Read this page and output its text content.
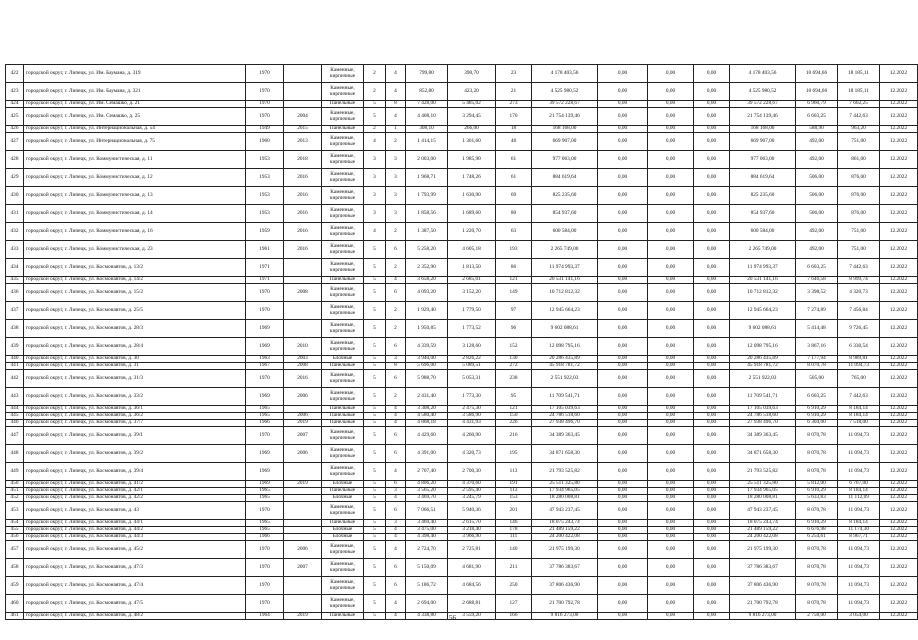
422	городской округ, г. Липецк, ул. Им. Баумана, д. 319	1970		Каменные, кирпичные	2	4	799,80	390,70	23	4 178 403,56	0,00	0,00	0,00	4 178 403,56	10 694,66	18 185,11	12.2022
423	городской округ, г. Липецк, ул. Им. Баумана, д. 321	1970		Каменные, кирпичные	2	4	852,80	423,20	21	4 525 980,52	0,00	0,00	0,00	4 525 980,52	10 694,66	18 185,11	12.2022
424	городской округ, г. Липецк, ул. Им. Семашко, д. 21	1970		Панельные	5	8	7 428,00	5 485,02	273	39 572 228,67	0,00	0,00	0,00	39 572 228,67	6 960,79	7 662,25	12.2022
425	городской округ, г. Липецк, ул. Им. Семашко, д. 25	1970	2004	Каменные, кирпичные	5	4	4 408,10	3 294,45	170	21 754 139,46	0,00	0,00	0,00	21 754 139,46	6 603,25	7 442,63	12.2022
426	городской округ, г. Липецк, ул. Интернациональная, д. 54	1949	2015	Панельные	2	1	308,10	266,00	18	168 168,00	0,00	0,00	0,00	168 168,00	588,90	963,20	12.2022
427	городской округ, г. Липецк, ул. Интернациональная, д. 75	1960	2013	Каменные, кирпичные	4	2	1 414,15	1 361,60	48	669 907,00	0,00	0,00	0,00	669 907,00	492,00	751,00	12.2022
428	городской округ, г. Липецк, ул. Коммунистическая, д. 11	1953	2018	Каменные, кирпичные	3	3	2 003,00	1 985,90	61	977 063,00	0,00	0,00	0,00	977 063,00	492,00	861,00	12.2022
429	городской округ, г. Липецк, ул. Коммунистическая, д. 12	1953	2016	Каменные, кирпичные	3	3	1 968,71	1 748,26	61	884 619,64	0,00	0,00	0,00	884 619,64	506,00	876,00	12.2022
430	городской округ, г. Липецк, ул. Коммунистическая, д. 13	1953	2016	Каменные, кирпичные	3	3	1 793,99	1 630,90	69	825 235,60	0,00	0,00	0,00	825 235,60	506,00	876,00	12.2022
431	городской округ, г. Липецк, ул. Коммунистическая, д. 14	1953	2016	Каменные, кирпичные	3	3	1 858,56	1 689,60	80	854 937,60	0,00	0,00	0,00	854 937,60	506,00	876,00	12.2022
432	городской округ, г. Липецк, ул. Коммунистическая, д. 16	1959	2016	Каменные, кирпичные	4	2	1 387,50	1 220,70	63	600 584,00	0,00	0,00	0,00	600 584,00	492,00	751,00	12.2022
433	городской округ, г. Липецк, ул. Коммунистическая, д. 23	1961	2016	Каменные, кирпичные	5	6	5 258,20	4 605,18	193	2 265 749,00	0,00	0,00	0,00	2 265 749,00	492,00	751,00	12.2022
434	городской округ, г. Липецк, ул. Космонавтов, д. 13/2	1971		Каменные, кирпичные	5	2	2 352,90	1 813,50	86	11 974 993,37	0,00	0,00	0,00	11 974 993,37	6 603,25	7 442,63	12.2022
435	городской округ, г. Липецк, ул. Космонавтов, д. 14/2	1971		Панельные	5	4	3 658,20	2 685,01	121	20 531 141,16	0,00	0,00	0,00	20 531 141,16	7 646,58	8 999,74	12.2022
436	городской округ, г. Липецк, ул. Космонавтов, д. 15/2	1970	2008	Каменные, кирпичные	5	6	4 093,20	3 152,20	149	10 712 812,32	0,00	0,00	0,00	10 712 812,32	3 398,52	4 320,73	12.2022
437	городской округ, г. Липецк, ул. Космонавтов, д. 25/5	1970		Каменные, кирпичные	5	2	1 929,40	1 779,50	97	12 945 664,23	0,00	0,00	0,00	12 945 664,23	7 274,89	7 456,84	12.2022
438	городской округ, г. Липецк, ул. Космонавтов, д. 28/3	1969		Каменные, кирпичные	5	2	1 950,85	1 773,52	96	9 602 088,61	0,00	0,00	0,00	9 602 088,61	5 414,48	9 726,45	12.2022
439	городской округ, г. Липецк, ул. Космонавтов, д. 28/4	1969	2010	Каменные, кирпичные	5	6	4 339,59	3 128,60	152	12 098 795,16	0,00	0,00	0,00	12 098 795,16	3 867,16	6 330,54	12.2022
440	городской округ, г. Липецк, ул. Космонавтов, д. 30	1963	2003	Блочные	5	3	3 940,00	2 826,22	130	20 286 435,89	0,00	0,00	0,00	20 286 435,89	7 177,94	8 989,81	12.2022
441	городской округ, г. Липецк, ул. Космонавтов, д. 31	1967	2008	Панельные	5	8	5 696,00	5 089,51	272	45 918 781,72	0,00	0,00	0,00	45 918 781,72	8 070,78	11 094,73	12.2022
442	городской округ, г. Липецк, ул. Космонавтов, д. 31/3	1970	2016	Каменные, кирпичные	5	6	5 988,70	5 053,31	238	2 551 922,03	0,00	0,00	0,00	2 551 922,03	505,00	765,00	12.2022
443	городской округ, г. Липецк, ул. Космонавтов, д. 33/2	1969	2006	Каменные, кирпичные	5	2	2 431,40	1 773,30	95	11 709 541,71	0,00	0,00	0,00	11 709 541,71	6 603,25	7 442,63	12.2022
444	городской округ, г. Липецк, ул. Космонавтов, д. 36/1	1965		Панельные	5	4	3 308,20	2 475,30	121	17 105 039,63	0,00	0,00	0,00	17 105 039,63	6 910,29	8 184,14	12.2022
445	городской округ, г. Липецк, ул. Космонавтов, д. 36/2	1965	2006	Панельные	5	4	4 580,40	3 586,90	150	24 786 518,60	0,00	0,00	0,00	24 786 518,60	6 910,29	8 184,14	12.2022
446	городской округ, г. Липецк, ул. Космонавтов, д. 37/7	1966	2019	Панельные	5	4	4 868,18	4 431,93	226	27 938 496,70	0,00	0,00	0,00	27 938 496,70	6 304,00	7 518,00	12.2022
447	городской округ, г. Липецк, ул. Космонавтов, д. 39/1	1970	2007	Каменные, кирпичные	5	6	4 429,60	4 260,90	216	34 389 363,45	0,00	0,00	0,00	34 389 363,45	8 070,78	11 094,73	12.2022
448	городской округ, г. Липецк, ул. Космонавтов, д. 39/2	1969	2006	Каменные, кирпичные	5	6	4 391,00	4 320,73	195	34 871 658,30	0,00	0,00	0,00	34 871 658,30	8 070,78	11 094,73	12.2022
449	городской округ, г. Липецк, ул. Космонавтов, д. 39/4	1969		Каменные, кирпичные	5	4	2 707,40	2 700,30	113	21 793 525,82	0,00	0,00	0,00	21 793 525,82	8 070,78	11 094,73	12.2022
450	городской округ, г. Липецк, ул. Космонавтов, д. 41/2	1969	2019	Блочные	5	6	4 806,20	4 370,60	191	25 511 325,80	0,00	0,00	0,00	25 511 325,80	5 812,00	6 767,00	12.2022
451	городской округ, г. Липецк, ул. Космонавтов, д. 42/1	1965		Панельные	5	3	3 565,20	2 595,40	113	17 934 965,05	0,00	0,00	0,00	17 934 965,05	6 910,29	8 184,14	12.2022
452	городской округ, г. Липецк, ул. Космонавтов, д. 42/2	1965		Блочные	5	4	3 469,70	3 245,79	153	18 280 008,81	0,00	0,00	0,00	18 280 008,81	5 633,83	11 112,09	12.2022
453	городской округ, г. Липецк, ул. Космонавтов, д. 43	1970		Каменные, кирпичные	5	6	7 066,51	5 940,36	201	47 943 237,45	0,00	0,00	0,00	47 943 237,45	8 070,78	11 094,73	12.2022
454	городской округ, г. Липецк, ул. Космонавтов, д. 44/1	1965		Панельные	5	3	3 469,40	2 615,70	146	18 075 243,74	0,00	0,00	0,00	18 075 243,74	6 910,29	8 184,14	12.2022
455	городской округ, г. Липецк, ул. Космонавтов, д. 44/2	1965		Блочные	5	4	3 475,00	3 218,40	178	21 489 159,22	0,00	0,00	0,00	21 489 159,22	6 676,98	11 174,30	12.2022
456	городской округ, г. Липецк, ул. Космонавтов, д. 44/3	1966		Блочные	5	4	4 398,40	3 966,90	111	24 200 422,08	0,00	0,00	0,00	24 200 422,08	6 254,61	8 967,71	12.2022
457	городской округ, г. Липецк, ул. Космонавтов, д. 45/2	1970	2006	Каменные, кирпичные	5	4	2 724,70	2 725,81	140	21 975 199,30	0,00	0,00	0,00	21 975 199,30	8 070,78	11 094,73	12.2022
458	городской округ, г. Липецк, ул. Космонавтов, д. 47/3	1970	2007	Каменные, кирпичные	5	6	5 150,09	4 681,90	211	37 786 383,67	0,00	0,00	0,00	37 786 383,67	8 070,78	11 094,73	12.2022
459	городской округ, г. Липецк, ул. Космонавтов, д. 47/4	1970		Каменные, кирпичные	5	6	5 186,72	4 684,56	250	37 806 436,90	0,00	0,00	0,00	37 806 436,90	8 070,78	11 094,73	12.2022
460	городской округ, г. Липецк, ул. Космонавтов, д. 47/5	1970		Каменные, кирпичные	5	4	2 694,00	2 688,81	127	21 700 792,78	0,00	0,00	0,00	21 700 792,78	8 070,78	11 094,73	12.2022
461	городской округ, г. Липецк, ул. Космонавтов, д. 48/2	1964	2019	Панельные	5	4	4 338,80	3 559,20	166	9 816 273,00	0,00	0,00	0,00	9 816 273,00	2 758,00	3 054,00	12.2022
56
